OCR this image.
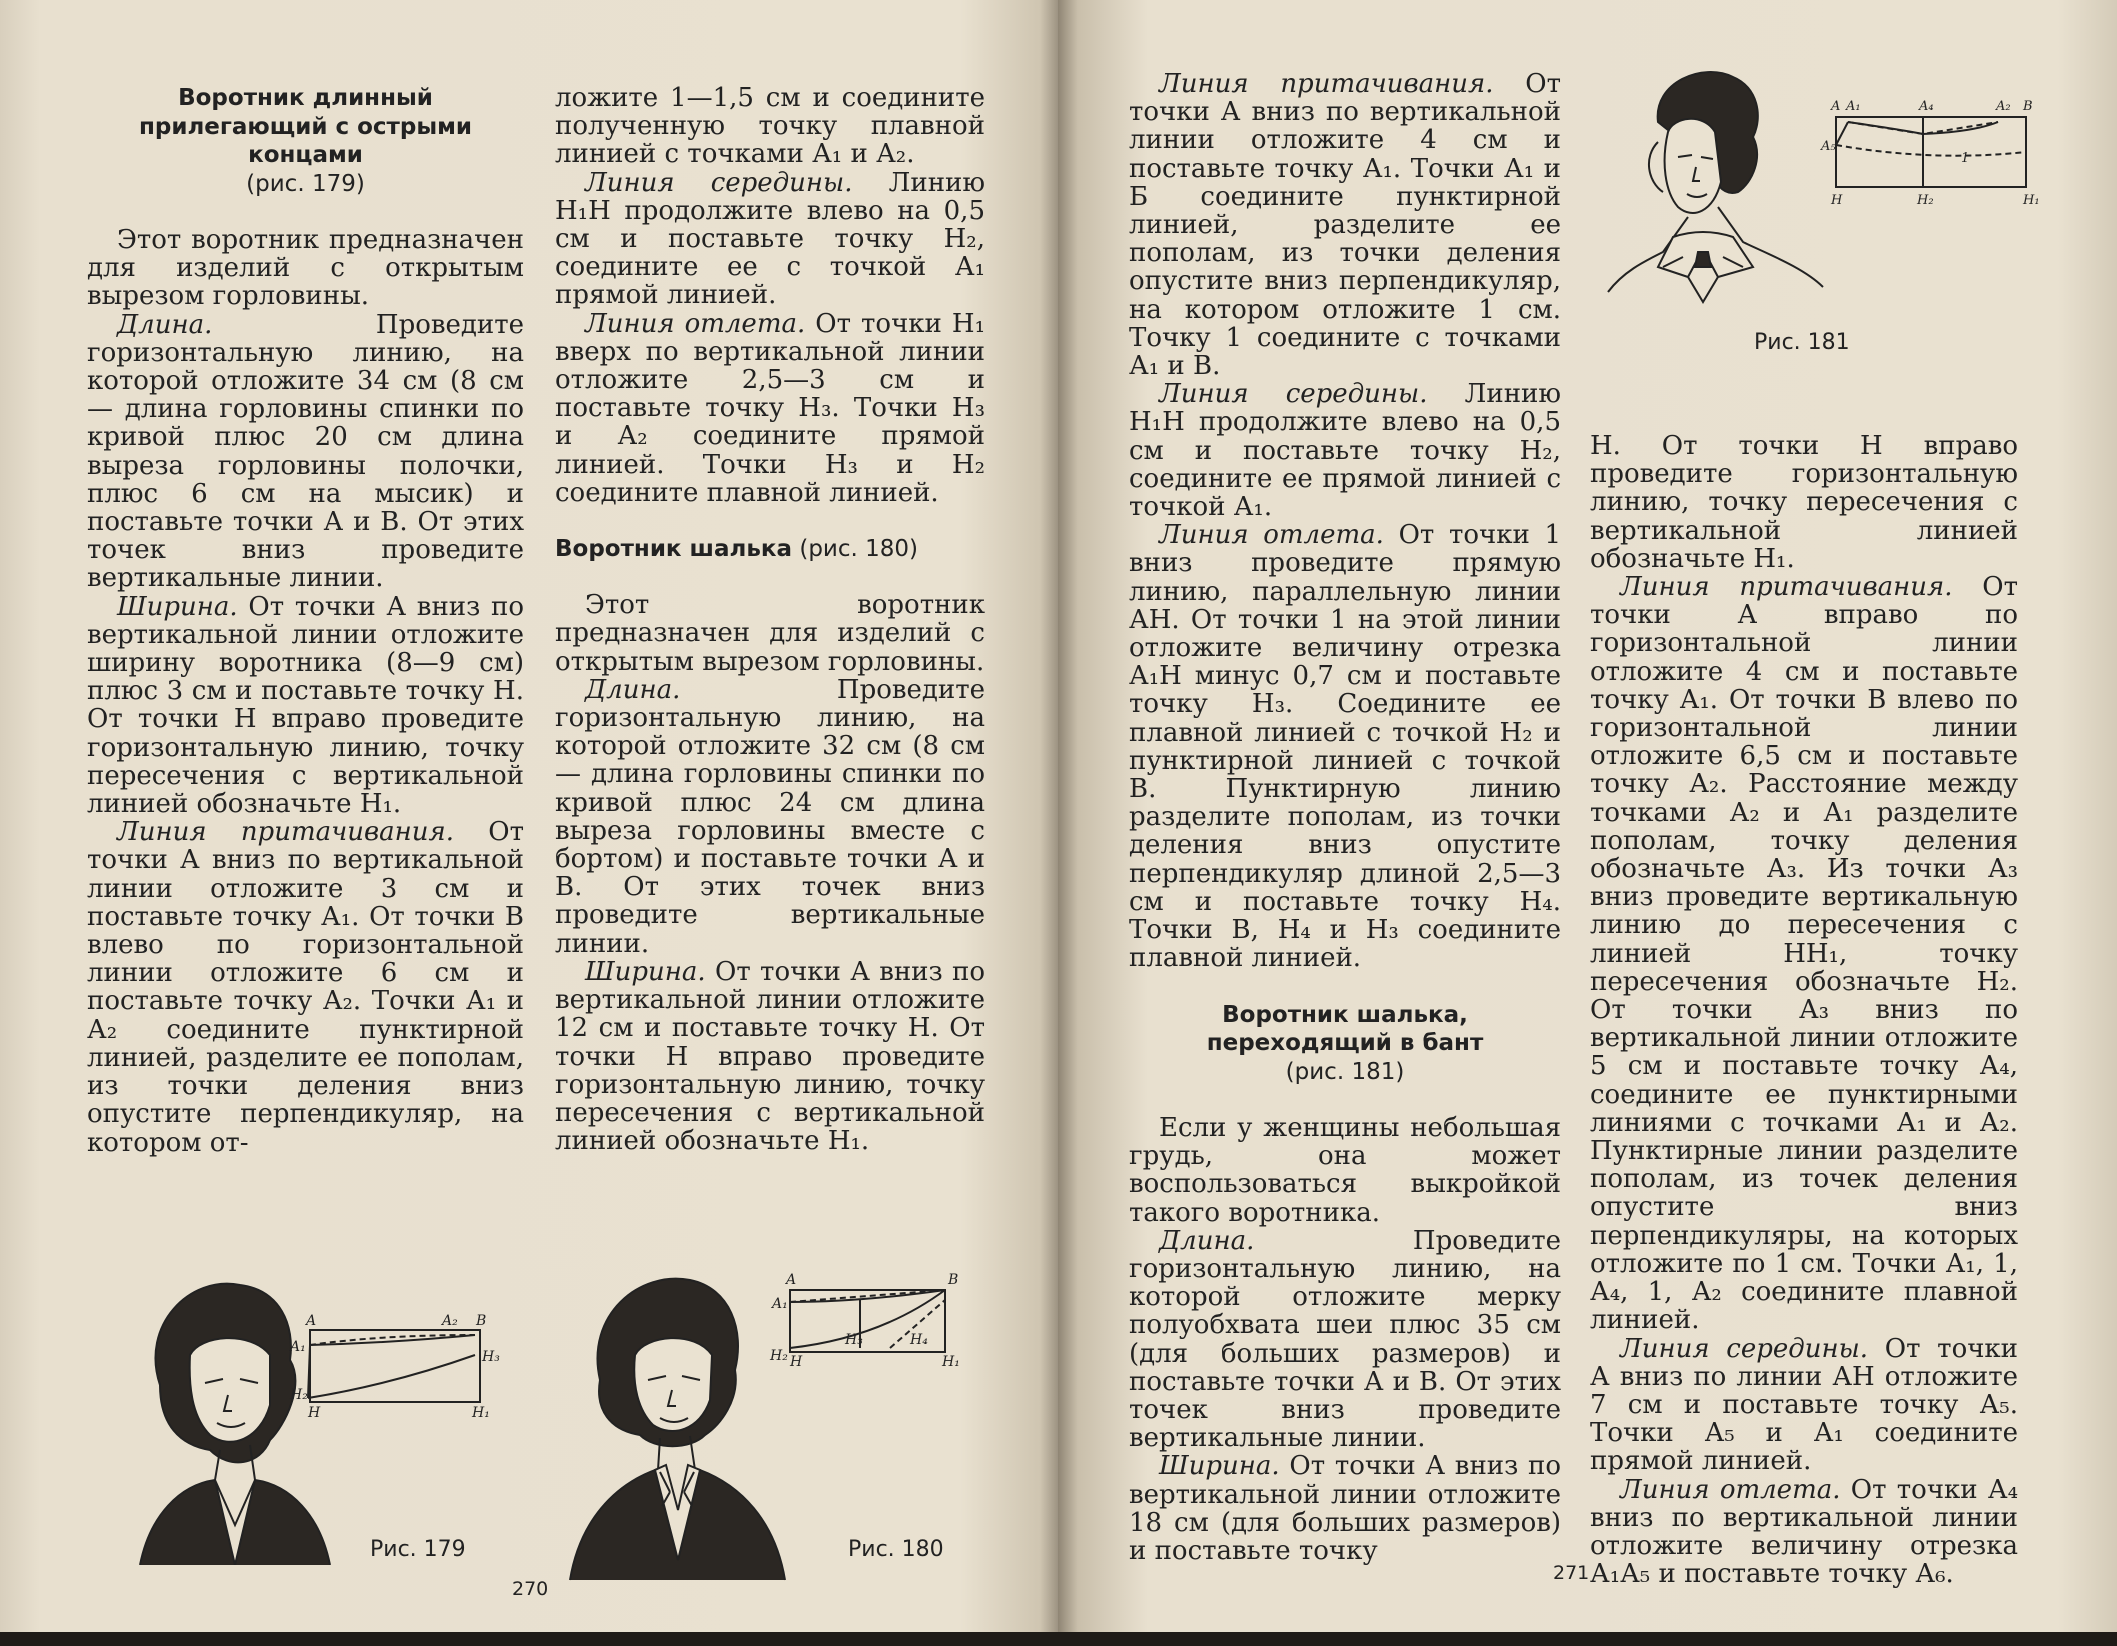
Воротник длинный
прилегающий с острыми
концами
(рис. 179)

Этот воротник предназначен для изделий с открытым вырезом горловины.

Длина. Проведите горизонтальную линию, на которой отложите 34 см (8 см — длина горловины спинки по кривой плюс 20 см длина выреза горловины полочки, плюс 6 см на мысик) и поставьте точки А и В. От этих точек вниз проведите вертикальные линии.

Ширина. От точки А вниз по вертикальной линии отложите ширину воротника (8—9 см) плюс 3 см и поставьте точку Н. От точки Н вправо проведите горизонтальную линию, точку пересечения с вертикальной линией обозначьте Н₁.

Линия притачивания. От точки А вниз по вертикальной линии отложите 3 см и поставьте точку А₁. От точки В влево по горизонтальной линии отложите 6 см и поставьте точку А₂. Точки А₁ и А₂ соедините пунктирной линией, разделите ее пополам, из точки деления вниз опустите перпендикуляр, на котором от-

ложите 1—1,5 см и соедините полученную точку плавной линией с точками А₁ и А₂.

Линия середины. Линию Н₁Н продолжите влево на 0,5 см и поставьте точку Н₂, соедините ее с точкой А₁ прямой линией.

Линия отлета. От точки Н₁ вверх по вертикальной линии отложите 2,5—3 см и поставьте точку Н₃. Точки Н₃ и А₂ соедините прямой линией. Точки Н₃ и Н₂ соедините плавной линией.

Воротник шалька (рис. 180)

Этот воротник предназначен для изделий с открытым вырезом горловины.

Длина. Проведите горизонтальную линию, на которой отложите 32 см (8 см — длина горловины спинки по кривой плюс 24 см длина выреза горловины вместе с бортом) и поставьте точки А и В. От этих точек вниз проведите вертикальные линии.

Ширина. От точки А вниз по вертикальной линии отложите 12 см и поставьте точку Н. От точки Н вправо проведите горизонтальную линию, точку пересечения с вертикальной линией обозначьте Н₁.

A	A₂ B
A₁
H₃
H₂
H	H₁
Рис. 179
A	B
A₁
H₃	H₄
H₂ H	H₁
Рис. 180
270

Линия притачивания. От точки А вниз по вертикальной линии отложите 4 см и поставьте точку А₁. Точки А₁ и Б соедините пунктирной линией, разделите ее пополам, из точки деления опустите вниз перпендикуляр, на котором отложите 1 см. Точку 1 соедините с точками А₁ и В.

Линия середины. Линию Н₁Н продолжите влево на 0,5 см и поставьте точку Н₂, соедините ее прямой линией с точкой А₁.

Линия отлета. От точки 1 вниз проведите прямую линию, параллельную линии АН. От точки 1 на этой линии отложите величину отрезка А₁Н минус 0,7 см и поставьте точку Н₃. Соедините ее плавной линией с точкой Н₂ и пунктирной линией с точкой В. Пунктирную линию разделите пополам, из точки деления вниз опустите перпендикуляр длиной 2,5—3 см и поставьте точку Н₄. Точки В, Н₄ и Н₃ соедините плавной линией.

Воротник шалька,
переходящий в бант
(рис. 181)

Если у женщины небольшая грудь, она может воспользоваться выкройкой такого воротника.

Длина. Проведите горизонтальную линию, на которой отложите мерку полуобхвата шеи плюс 35 см (для больших размеров) и поставьте точки А и В. От этих точек вниз проведите вертикальные линии.

Ширина. От точки А вниз по вертикальной линии отложите 18 см (для больших размеров) и поставьте точку

A A₁	A₄	A₂ B
A₅
1
H	H₂	H₁
Рис. 181

Н. От точки Н вправо проведите горизонтальную линию, точку пересечения с вертикальной линией обозначьте Н₁.

Линия притачивания. От точки А вправо по горизонтальной линии отложите 4 см и поставьте точку А₁. От точки В влево по горизонтальной линии отложите 6,5 см и поставьте точку А₂. Расстояние между точками А₂ и А₁ разделите пополам, точку деления обозначьте А₃. Из точки А₃ вниз проведите вертикальную линию до пересечения с линией НН₁, точку пересечения обозначьте Н₂. От точки А₃ вниз по вертикальной линии отложите 5 см и поставьте точку А₄, соедините ее пунктирными линиями с точками А₁ и А₂. Пунктирные линии разделите пополам, из точек деления опустите вниз перпендикуляры, на которых отложите по 1 см. Точки А₁, 1, А₄, 1, А₂ соедините плавной линией.

Линия середины. От точки А вниз по линии АН отложите 7 см и поставьте точку А₅. Точки А₅ и А₁ соедините прямой линией.

Линия отлета. От точки А₄ вниз по вертикальной линии отложите величину отрезка А₁А₅ и поставьте точку А₆.

271
